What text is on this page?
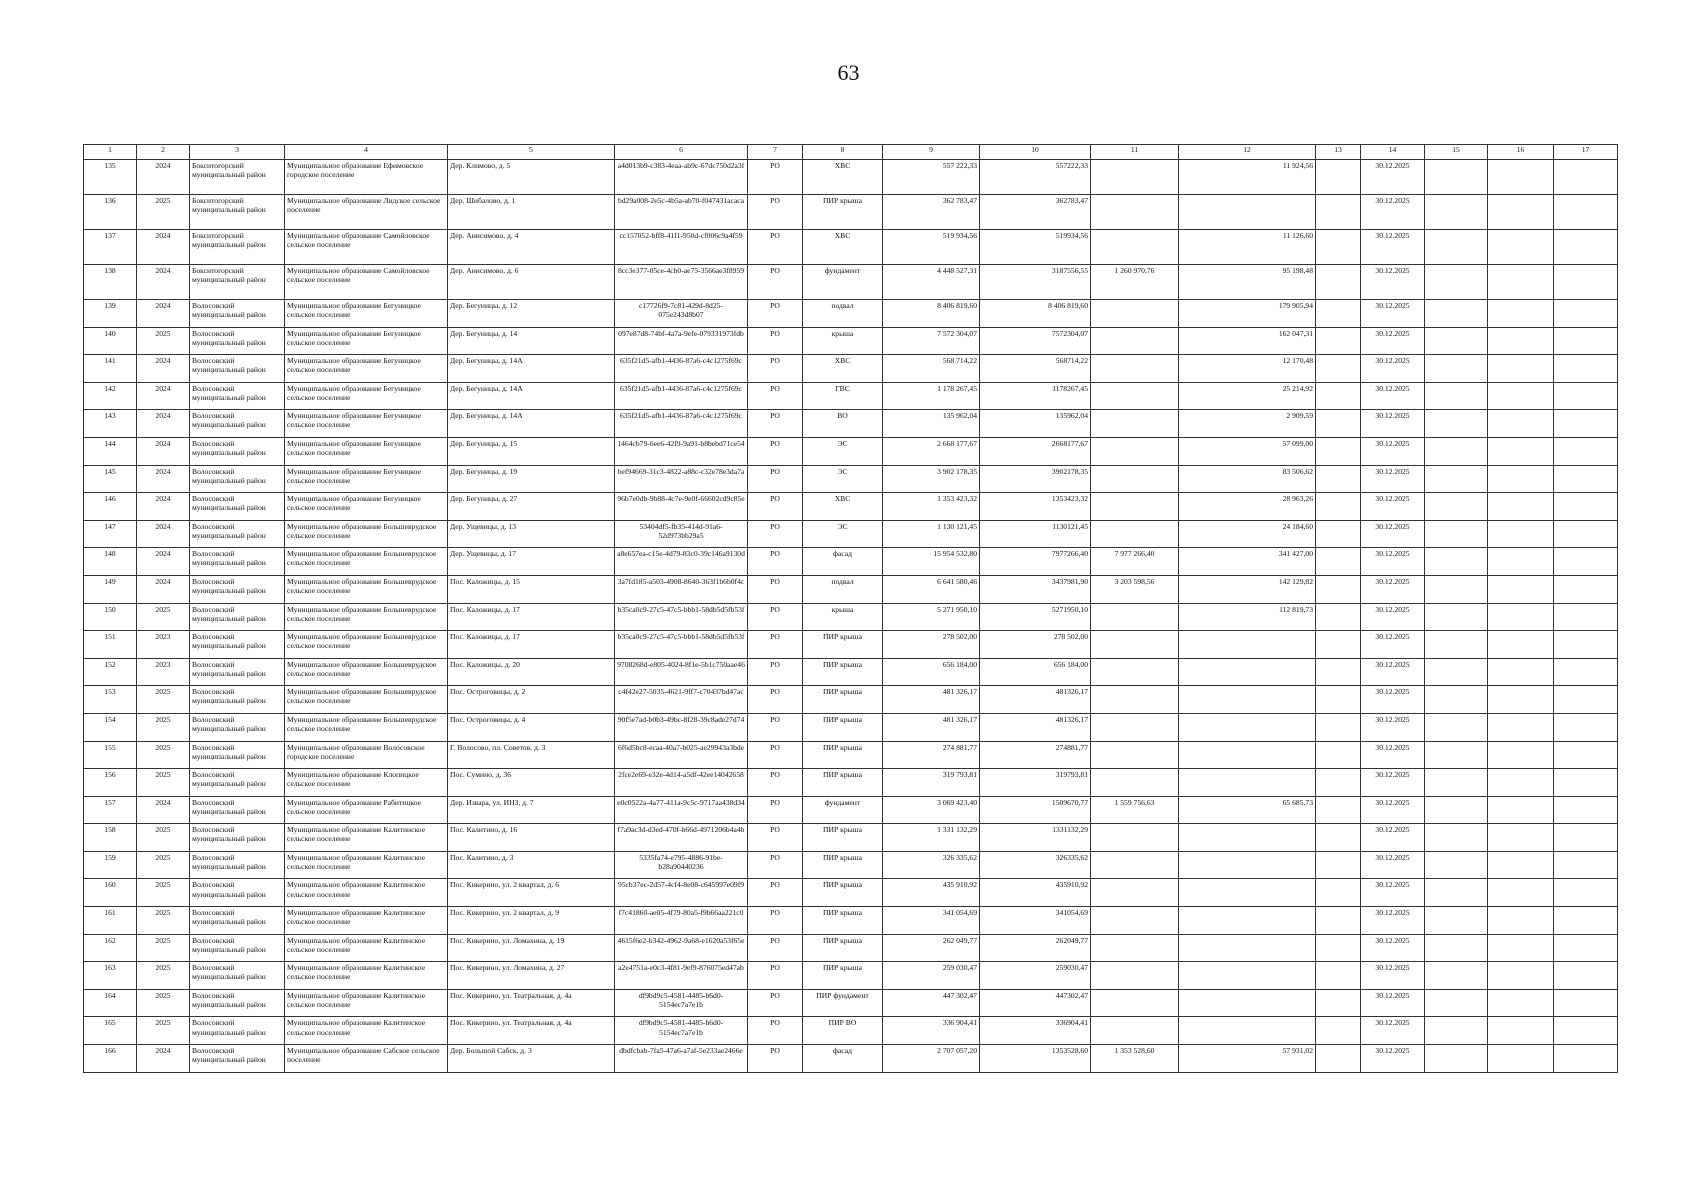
63
1	2	3	4	5	6	7	8	9	10	11	12	13	14	15	16	17
135	2024	Бокситогорский муниципальный район	Муниципальное образование Ефимовское городское поселение	Дер. Климово, д. 5	a4d013b9-c383-4eaa-ab9c-67dc750d2a3f	РО	ХВС	557 222,33	557222,33		11 924,56		30.12.2025			
136	2025	Бокситогорский муниципальный район	Муниципальное образование Лидское сельское поселение	Дер. Шибалово, д. 1	bd29a008-2e5c-4b5a-ab70-f047431acaca	РО	ПИР крыша	362 783,47	362783,47				30.12.2025			
137	2024	Бокситогорский муниципальный район	Муниципальное образование Самойловское сельское поселение	Дер. Анисимово, д. 4	cc157052-bff8-41f1-950d-cf006c9a4f59	РО	ХВС	519 934,56	519934,56		11 126,60		30.12.2025			
138	2024	Бокситогорский муниципальный район	Муниципальное образование Самойловское сельское поселение	Дер. Анисимово, д. 6	8cc3e377-05ce-4cb0-ae75-3566ae3f8959	РО	фундамент	4 448 527,31	3187556,55	1 260 970,76	95 198,48		30.12.2025			
139	2024	Волосовский муниципальный район	Муниципальное образование Бегуницкое сельское поселение	Дер. Бегуницы, д. 12	c17726f9-7c81-429d-8d25-075e243d8b07	РО	подвал	8 406 819,60	8 406 819,60		179 905,94		30.12.2025			
140	2025	Волосовский муниципальный район	Муниципальное образование Бегуницкое сельское поселение	Дер. Бегуницы, д. 14	097e87d8-74bf-4a7a-9efe-079331973fdb	РО	крыша	7 572 304,07	7572304,07		162 047,31		30.12.2025			
141	2024	Волосовский муниципальный район	Муниципальное образование Бегуницкое сельское поселение	Дер. Бегуницы, д. 14А	635f21d5-afb1-4436-87a6-c4c1275f69c	РО	ХВС	568 714,22	568714,22		12 170,48		30.12.2025			
142	2024	Волосовский муниципальный район	Муниципальное образование Бегуницкое сельское поселение	Дер. Бегуницы, д. 14А	635f21d5-afb1-4436-87a6-c4c1275f69c	РО	ГВС	1 178 267,45	1178267,45		25 214,92		30.12.2025			
143	2024	Волосовский муниципальный район	Муниципальное образование Бегуницкое сельское поселение	Дер. Бегуницы, д. 14А	635f21d5-afb1-4436-87a6-c4c1275f69c	РО	ВО	135 962,04	135962,04		2 909,59		30.12.2025			
144	2024	Волосовский муниципальный район	Муниципальное образование Бегуницкое сельское поселение	Дер. Бегуницы, д. 15	1464cb79-6ee6-42f9-9a91-b8bebd71ce54	РО	ЭС	2 668 177,67	2668177,67		57 099,00		30.12.2025			
145	2024	Волосовский муниципальный район	Муниципальное образование Бегуницкое сельское поселение	Дер. Бегуницы, д. 19	bef94669-31c3-4822-a88c-c32e78e3da7a	РО	ЭС	3 902 178,35	3902178,35		83 506,62		30.12.2025			
146	2024	Волосовский муниципальный район	Муниципальное образование Бегуницкое сельское поселение	Дер. Бегуницы, д. 27	96b7e0db-9b88-4c7e-9e0f-66602cd9c85e	РО	ХВС	1 353 423,32	1353423,32		28 963,26		30.12.2025			
147	2024	Волосовский муниципальный район	Муниципальное образование Большеврудское сельское поселение	Дер. Ущевицы, д. 13	53404df5-fb35-414d-91a6-52d973bb29a5	РО	ЭС	1 130 121,45	1130121,45		24 184,60		30.12.2025			
148	2024	Волосовский муниципальный район	Муниципальное образование Большеврудское сельское поселение	Дер. Ущевицы, д. 17	a8e657ea-c15e-4d79-83c0-39c146a9130d	РО	фасад	15 954 532,80	7977266,40	7 977 266,40	341 427,00		30.12.2025			
149	2024	Волосовский муниципальный район	Муниципальное образование Большеврудское сельское поселение	Пос. Каложицы, д. 15	3a7fd185-a503-4908-8640-363f1b6b0f4c	РО	подвал	6 641 580,46	3437981,90	3 203 598,56	142 129,82		30.12.2025			
150	2025	Волосовский муниципальный район	Муниципальное образование Большеврудское сельское поселение	Пос. Каложицы, д. 17	b35ca0c9-27c5-47c5-bbb1-58db5d5fb53f	РО	крыша	5 271 950,10	5271950,10		112 819,73		30.12.2025			
151	2023	Волосовский муниципальный район	Муниципальное образование Большеврудское сельское поселение	Пос. Каложицы, д. 17	b35ca0c9-27c5-47c5-bbb1-58db5d5fb53f	РО	ПИР крыша	278 502,00	278 502,00				30.12.2025			
152	2023	Волосовский муниципальный район	Муниципальное образование Большеврудское сельское поселение	Пос. Каложицы, д. 20	9708268d-e805-4024-8f1e-5b1c750aae46	РО	ПИР крыша	656 184,00	656 184,00				30.12.2025			
153	2025	Волосовский муниципальный район	Муниципальное образование Большеврудское сельское поселение	Пос. Остроговицы, д. 2	c4f42e27-5035-4621-9ff7-c70437bd47ac	РО	ПИР крыша	481 326,17	481326,17				30.12.2025			
154	2025	Волосовский муниципальный район	Муниципальное образование Большеврудское сельское поселение	Пос. Остроговицы, д. 4	90f5e7ad-b0b3-49bc-8f28-39c8ade27d74	РО	ПИР крыша	481 326,17	481326,17				30.12.2025			
155	2025	Волосовский муниципальный район	Муниципальное образование Волосовское городское поселение	Г. Волосово, пл. Советов, д. 3	6f6d5bc8-ecaa-40a7-b025-ae29943a3bde	РО	ПИР крыша	274 881,77	274881,77				30.12.2025			
156	2025	Волосовский муниципальный район	Муниципальное образование Клопицкое сельское поселение	Пос. Сумино, д. 36	2fce2e69-e32e-4d14-a5df-42ee14042658	РО	ПИР крыша	319 793,81	319793,81				30.12.2025			
157	2024	Волосовский муниципальный район	Муниципальное образование Рабитицкое сельское поселение	Дер. Извара, ул. ИНЗ, д. 7	e0c0522a-4a77-411a-9c5c-9717aa438d34	РО	фундамент	3 069 423,40	1509670,77	1 559 756,63	65 685,73		30.12.2025			
158	2025	Волосовский муниципальный район	Муниципальное образование Калитинское сельское поселение	Пос. Калитино, д. 16	f7a9ac3d-d3ed-470f-b66d-4971206b4a4b	РО	ПИР крыша	1 331 132,29	1331132,29				30.12.2025			
159	2025	Волосовский муниципальный район	Муниципальное образование Калитинское сельское поселение	Пос. Калитино, д. 3	5335fa74-e795-4886-91be-b28a90440236	РО	ПИР крыша	326 335,62	326335,62				30.12.2025			
160	2025	Волосовский муниципальный район	Муниципальное образование Калитинское сельское поселение	Пос. Кикерино, ул. 2 квартал, д. 6	95cb37ec-2d57-4cf4-8e08-c645997e09f9	РО	ПИР крыша	435 910,92	435910,92				30.12.2025			
161	2025	Волосовский муниципальный район	Муниципальное образование Калитинское сельское поселение	Пос. Кикерино, ул. 2 квартал, д. 9	f7c41860-ae05-4f79-80a5-f9b66aa221c0	РО	ПИР крыша	341 054,69	341054,69				30.12.2025			
162	2025	Волосовский муниципальный район	Муниципальное образование Калитинское сельское поселение	Пос. Кикерино, ул. Ломахина, д. 19	4615f6e2-b342-4962-9a68-e1620a53f65e	РО	ПИР крыша	262 049,77	262049,77				30.12.2025			
163	2025	Волосовский муниципальный район	Муниципальное образование Калитинское сельское поселение	Пос. Кикерино, ул. Ломахина, д. 27	a2e4751a-e0c3-4f81-9ef9-876075ed47ab	РО	ПИР крыша	259 030,47	259030,47				30.12.2025			
164	2025	Волосовский муниципальный район	Муниципальное образование Калитинское сельское поселение	Пос. Кикерино, ул. Театральная, д. 4а	df9bd9c5-4581-4485-b6d0-5154ec7a7e1b	РО	ПИР фундамент	447 302,47	447302,47				30.12.2025			
165	2025	Волосовский муниципальный район	Муниципальное образование Калитинское сельское поселение	Пос. Кикерино, ул. Театральная, д. 4а	df9bd9c5-4581-4485-b6d0-5154ec7a7e1b	РО	ПИР ВО	336 904,41	336904,41				30.12.2025			
166	2024	Волосовский муниципальный район	Муниципальное образование Сабское сельское поселение	Дер. Большой Сабск, д. 3	dbdfcbab-7fa5-47a6-a7af-5e233ae2466e	РО	фасад	2 707 057,20	1353528,60	1 353 528,60	57 931,02		30.12.2025			
